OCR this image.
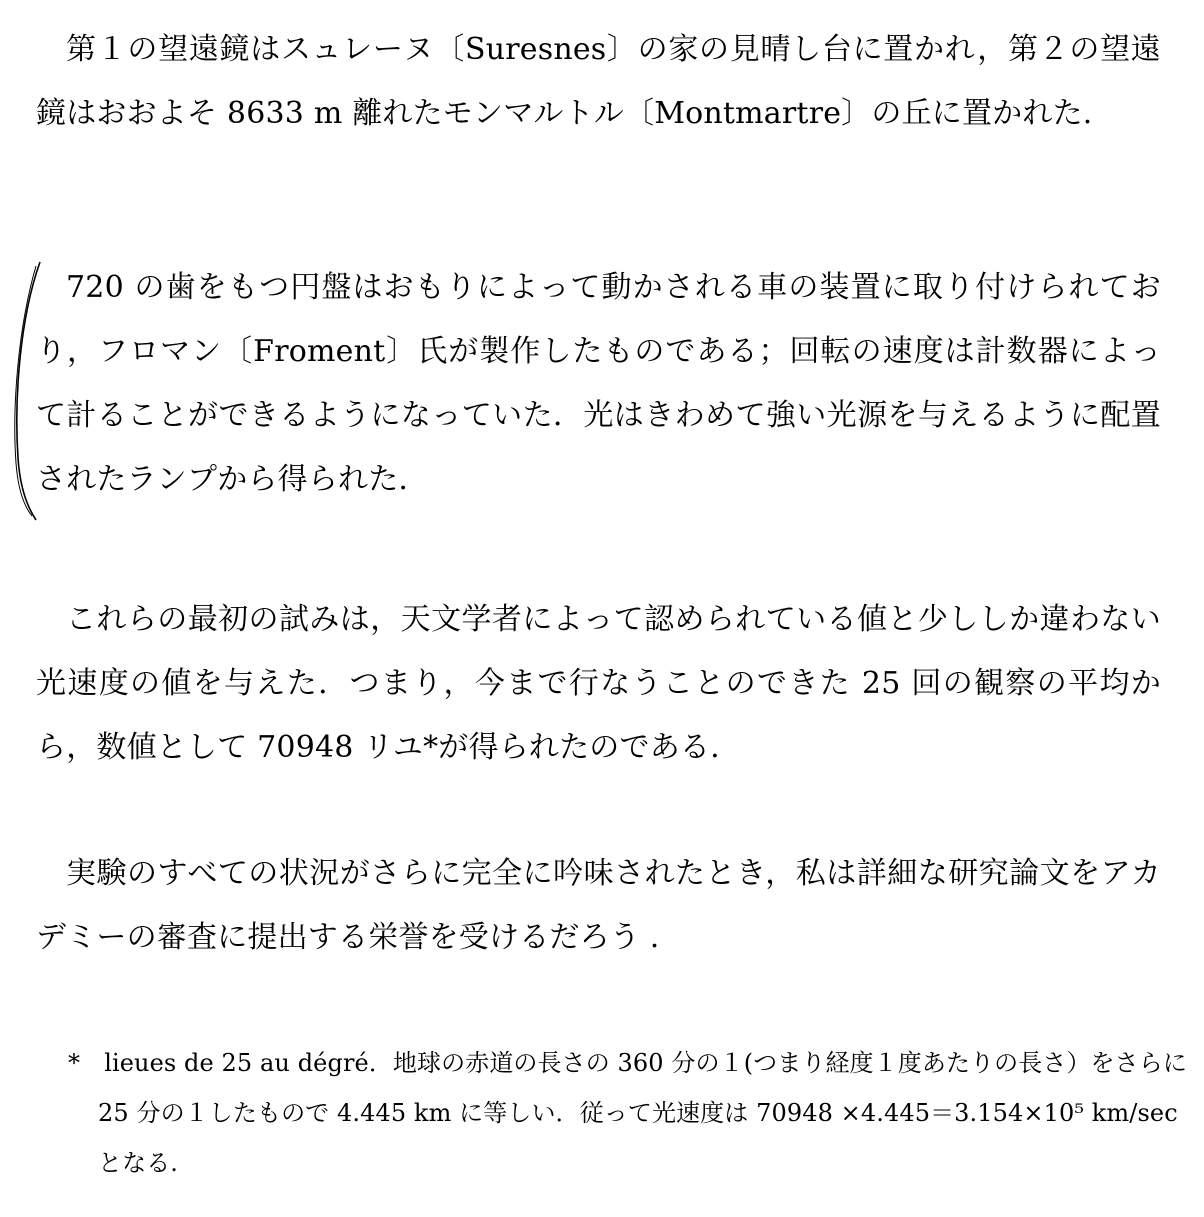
第１の望遠鏡はスュレーヌ〔Suresnes〕の家の見晴し台に置かれ，第２の望遠鏡はおおよそ 8633 m 離れたモンマルトル〔Montmartre〕の丘に置かれた.

720 の歯をもつ円盤はおもりによって動かされる車の装置に取り付けられており，フロマン〔Froment〕氏が製作したものである；回転の速度は計数器によって計ることができるようになっていた．光はきわめて強い光源を与えるように配置されたランプから得られた.

これらの最初の試みは，天文学者によって認められている値と少ししか違わない光速度の値を与えた．つまり，今まで行なうことのできた 25 回の観察の平均から，数値として 70948 リユ*が得られたのである.

実験のすべての状況がさらに完全に吟味されたとき，私は詳細な研究論文をアカデミーの審査に提出する栄誉を受けるだろう .

*　lieues de 25 au dégré．地球の赤道の長さの 360 分の１(つまり経度１度あたりの長さ）をさらに 25 分の１したもので 4.445 km に等しい．従って光速度は 70948 ×4.445＝3.154×10⁵ km/sec となる.
